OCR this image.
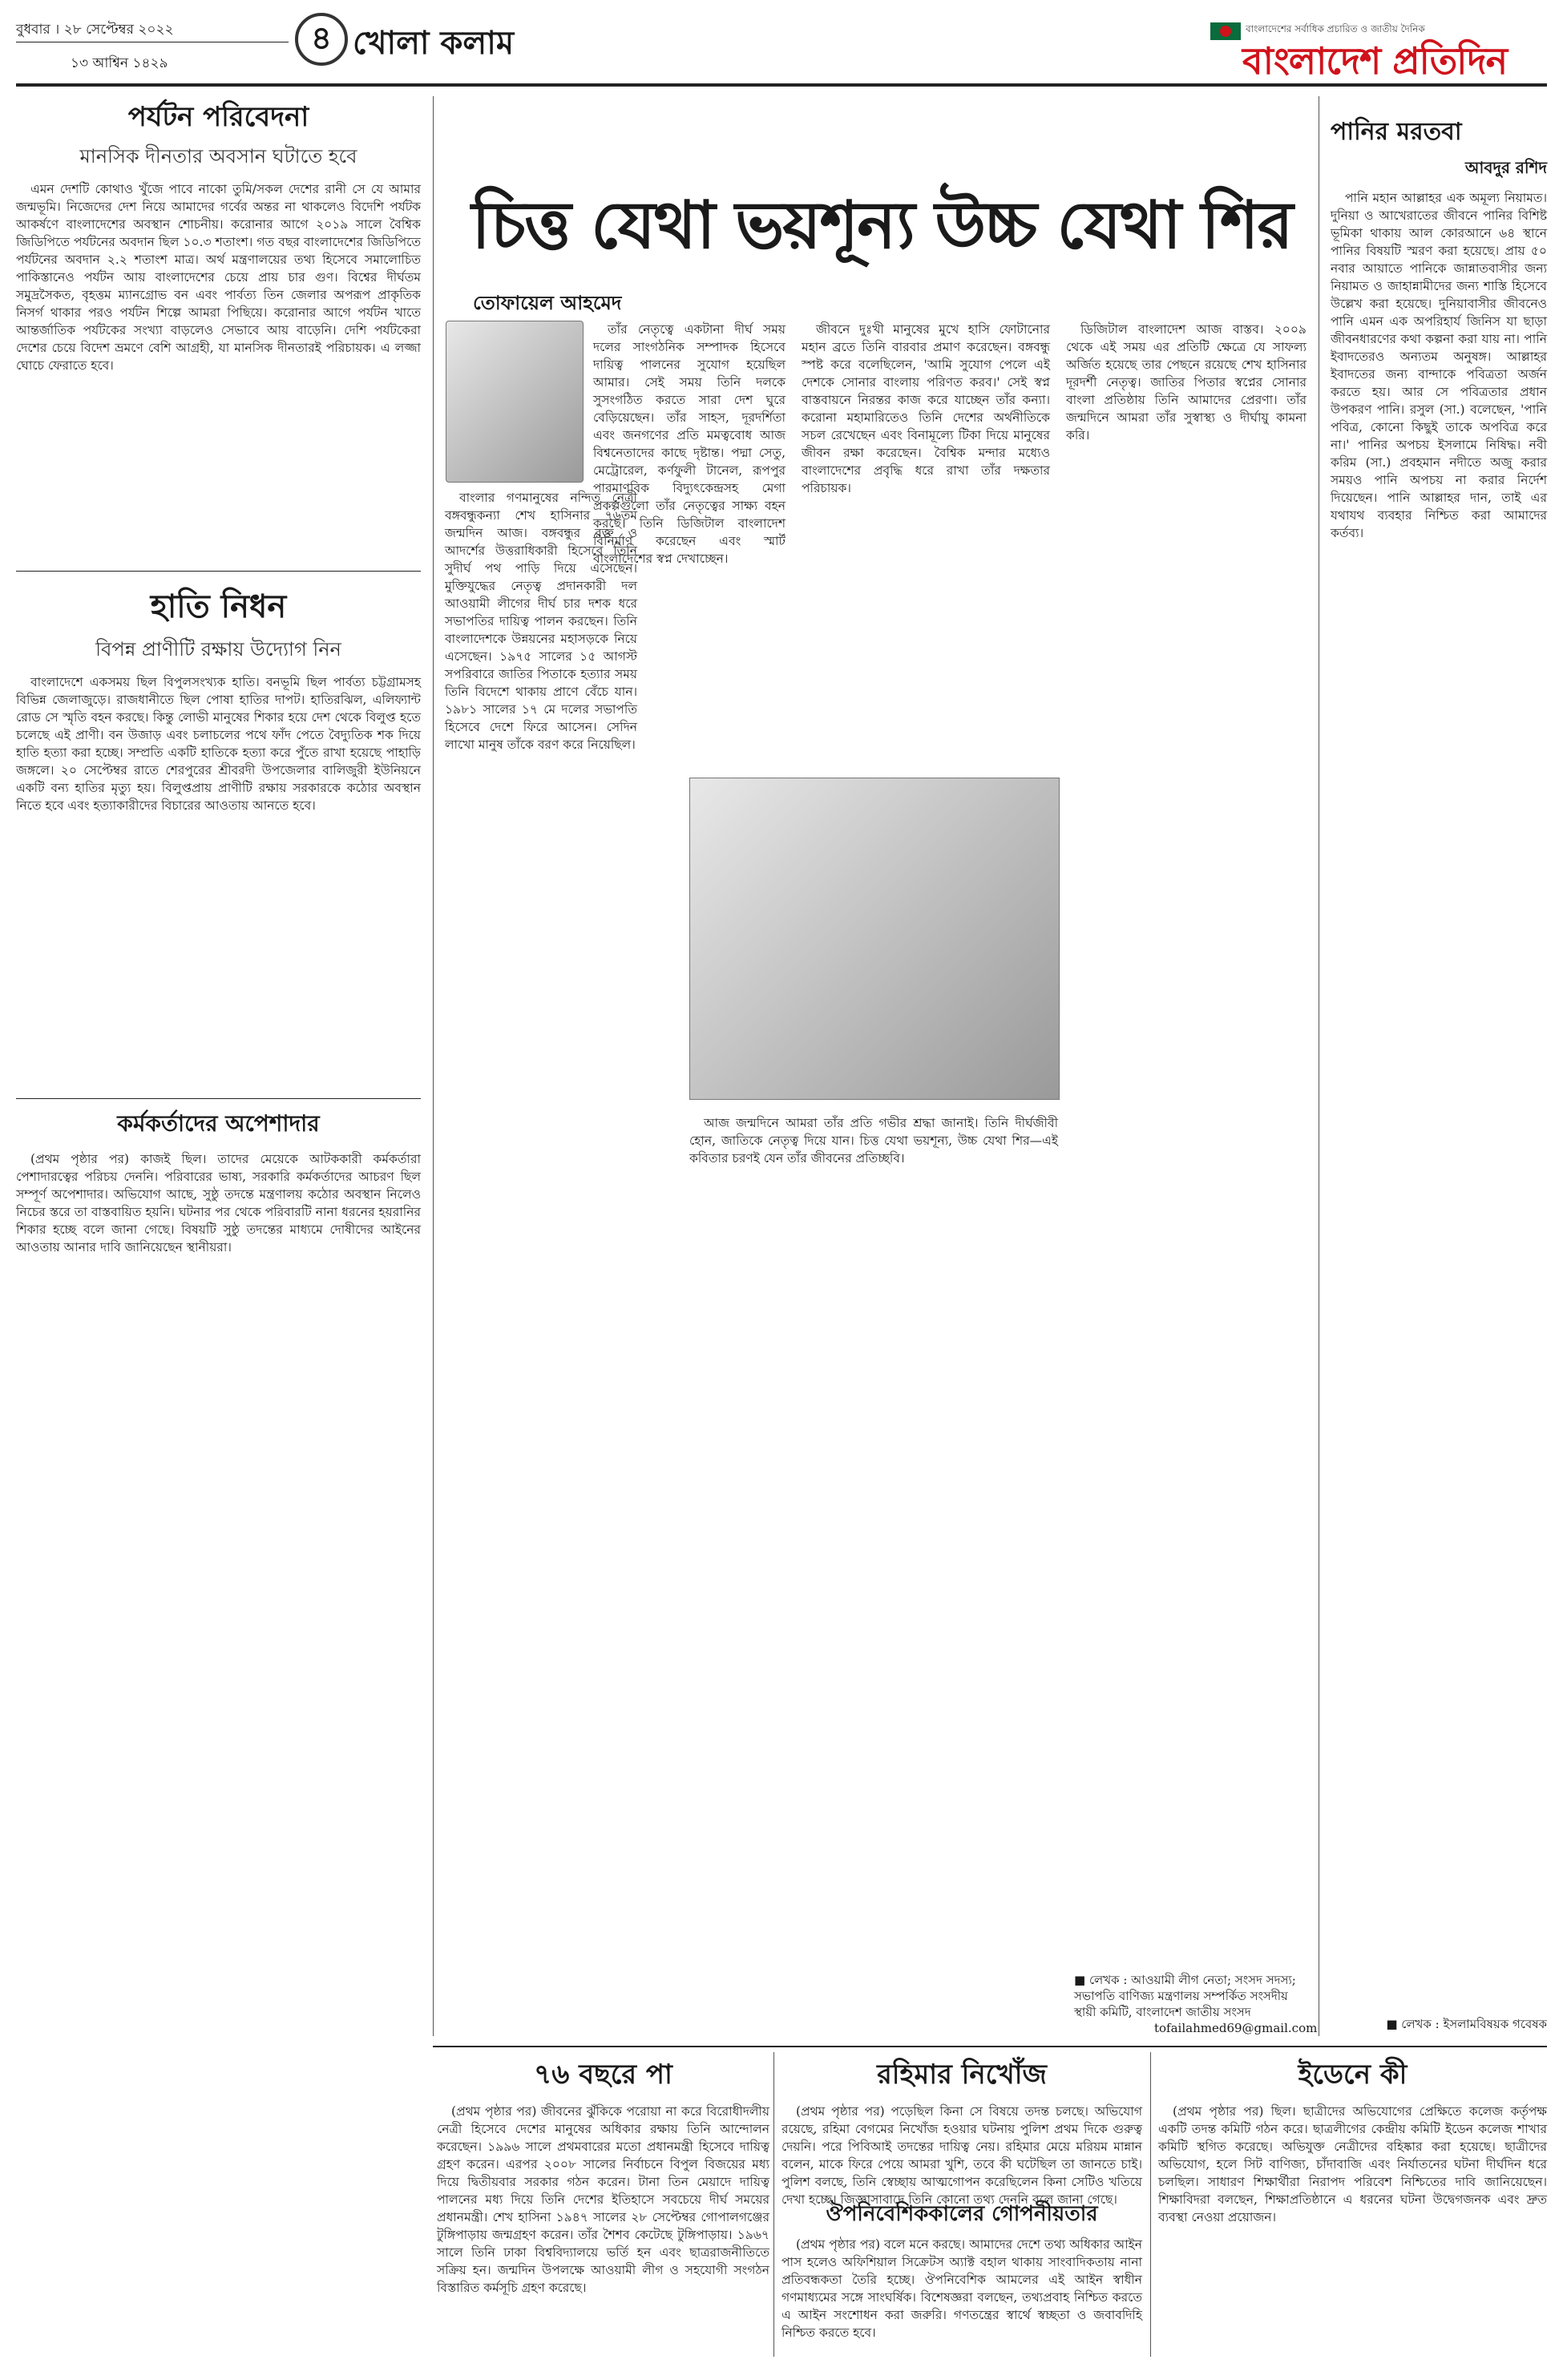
বুধবার । ২৮ সেপ্টেম্বর ২০২২
১৩ আশ্বিন ১৪২৯
৪ খোলা কলাম	বাংলাদেশের সর্বাধিক প্রচারিত ও জাতীয় দৈনিক
বাংলাদেশ প্রতিদিন
পর্যটন পরিবেদনা
মানসিক দীনতার অবসান ঘটাতে হবে

এমন দেশটি কোথাও খুঁজে পাবে নাকো তুমি/সকল দেশের রানী সে যে আমার জন্মভূমি। নিজেদের দেশ নিয়ে আমাদের গর্বের অন্তর না থাকলেও বিদেশি পর্যটক আকর্ষণে বাংলাদেশের অবস্থান শোচনীয়। করোনার আগে ২০১৯ সালে বৈশ্বিক জিডিপিতে পর্যটনের অবদান ছিল ১০.৩ শতাংশ। গত বছর বাংলাদেশের জিডিপিতে পর্যটনের অবদান ২.২ শতাংশ মাত্র। অর্থ মন্ত্রণালয়ের তথ্য হিসেবে সমালোচিত পাকিস্তানেও পর্যটন আয় বাংলাদেশের চেয়ে প্রায় চার গুণ। বিশ্বের দীর্ঘতম সমুদ্রসৈকত, বৃহত্তম ম্যানগ্রোভ বন এবং পার্বত্য তিন জেলার অপরূপ প্রাকৃতিক নিসর্গ থাকার পরও পর্যটন শিল্পে আমরা পিছিয়ে। করোনার আগে পর্যটন খাতে আন্তর্জাতিক পর্যটকের সংখ্যা বাড়লেও সেভাবে আয় বাড়েনি। দেশি পর্যটকেরা দেশের চেয়ে বিদেশ ভ্রমণে বেশি আগ্রহী, যা মানসিক দীনতারই পরিচায়ক। এ লজ্জা ঘোচে ফেরাতে হবে।

হাতি নিধন
বিপন্ন প্রাণীটি রক্ষায় উদ্যোগ নিন

বাংলাদেশে একসময় ছিল বিপুলসংখ্যক হাতি। বনভূমি ছিল পার্বত্য চট্টগ্রামসহ বিভিন্ন জেলাজুড়ে। রাজধানীতে ছিল পোষা হাতির দাপট। হাতিরঝিল, এলিফ্যান্ট রোড সে স্মৃতি বহন করছে। কিন্তু লোভী মানুষের শিকার হয়ে দেশ থেকে বিলুপ্ত হতে চলেছে এই প্রাণী। বন উজাড় এবং চলাচলের পথে ফাঁদ পেতে বৈদ্যুতিক শক দিয়ে হাতি হত্যা করা হচ্ছে। সম্প্রতি একটি হাতিকে হত্যা করে পুঁতে রাখা হয়েছে পাহাড়ি জঙ্গলে। ২০ সেপ্টেম্বর রাতে শেরপুরের শ্রীবরদী উপজেলার বালিজুরী ইউনিয়নে একটি বন্য হাতির মৃত্যু হয়। বিলুপ্তপ্রায় প্রাণীটি রক্ষায় সরকারকে কঠোর অবস্থান নিতে হবে এবং হত্যাকারীদের বিচারের আওতায় আনতে হবে।

কর্মকর্তাদের অপেশাদার

(প্রথম পৃষ্ঠার পর) কাজই ছিল। তাদের মেয়েকে আটককারী কর্মকর্তারা পেশাদারত্বের পরিচয় দেননি। পরিবারের ভাষ্য, সরকারি কর্মকর্তাদের আচরণ ছিল সম্পূর্ণ অপেশাদার। অভিযোগ আছে, সুষ্ঠু তদন্তে মন্ত্রণালয় কঠোর অবস্থান নিলেও নিচের স্তরে তা বাস্তবায়িত হয়নি। ঘটনার পর থেকে পরিবারটি নানা ধরনের হয়রানির শিকার হচ্ছে বলে জানা গেছে। বিষয়টি সুষ্ঠু তদন্তের মাধ্যমে দোষীদের আইনের আওতায় আনার দাবি জানিয়েছেন স্থানীয়রা।

চিত্ত যেথা ভয়শূন্য উচ্চ যেথা শির
তোফায়েল আহমেদ

বাংলার গণমানুষের নন্দিত নেত্রী বঙ্গবন্ধুকন্যা শেখ হাসিনার ৭৬তম জন্মদিন আজ। বঙ্গবন্ধুর রক্ত ও আদর্শের উত্তরাধিকারী হিসেবে তিনি সুদীর্ঘ পথ পাড়ি দিয়ে এসেছেন। মুক্তিযুদ্ধের নেতৃত্ব প্রদানকারী দল আওয়ামী লীগের দীর্ঘ চার দশক ধরে সভাপতির দায়িত্ব পালন করছেন। তিনি বাংলাদেশকে উন্নয়নের মহাসড়কে নিয়ে এসেছেন। ১৯৭৫ সালের ১৫ আগস্ট সপরিবারে জাতির পিতাকে হত্যার সময় তিনি বিদেশে থাকায় প্রাণে বেঁচে যান। ১৯৮১ সালের ১৭ মে দলের সভাপতি হিসেবে দেশে ফিরে আসেন। সেদিন লাখো মানুষ তাঁকে বরণ করে নিয়েছিল।

তাঁর নেতৃত্বে একটানা দীর্ঘ সময় দলের সাংগঠনিক সম্পাদক হিসেবে দায়িত্ব পালনের সুযোগ হয়েছিল আমার। সেই সময় তিনি দলকে সুসংগঠিত করতে সারা দেশ ঘুরে বেড়িয়েছেন। তাঁর সাহস, দূরদর্শিতা এবং জনগণের প্রতি মমত্ববোধ আজ বিশ্বনেতাদের কাছে দৃষ্টান্ত। পদ্মা সেতু, মেট্রোরেল, কর্ণফুলী টানেল, রূপপুর পারমাণবিক বিদ্যুৎকেন্দ্রসহ মেগা প্রকল্পগুলো তাঁর নেতৃত্বের সাক্ষ্য বহন করছে। তিনি ডিজিটাল বাংলাদেশ বিনির্মাণ করেছেন এবং স্মার্ট বাংলাদেশের স্বপ্ন দেখাচ্ছেন।

জীবনে দুঃখী মানুষের মুখে হাসি ফোটানোর মহান ব্রতে তিনি বারবার প্রমাণ করেছেন। বঙ্গবন্ধু স্পষ্ট করে বলেছিলেন, 'আমি সুযোগ পেলে এই দেশকে সোনার বাংলায় পরিণত করব।' সেই স্বপ্ন বাস্তবায়নে নিরন্তর কাজ করে যাচ্ছেন তাঁর কন্যা। করোনা মহামারিতেও তিনি দেশের অর্থনীতিকে সচল রেখেছেন এবং বিনামূল্যে টিকা দিয়ে মানুষের জীবন রক্ষা করেছেন। বৈশ্বিক মন্দার মধ্যেও বাংলাদেশের প্রবৃদ্ধি ধরে রাখা তাঁর দক্ষতার পরিচায়ক।

ডিজিটাল বাংলাদেশ আজ বাস্তব। ২০০৯ থেকে এই সময় এর প্রতিটি ক্ষেত্রে যে সাফল্য অর্জিত হয়েছে তার পেছনে রয়েছে শেখ হাসিনার দূরদর্শী নেতৃত্ব। জাতির পিতার স্বপ্নের সোনার বাংলা প্রতিষ্ঠায় তিনি আমাদের প্রেরণা। তাঁর জন্মদিনে আমরা তাঁর সুস্বাস্থ্য ও দীর্ঘায়ু কামনা করি।

আজ জন্মদিনে আমরা তাঁর প্রতি গভীর শ্রদ্ধা জানাই। তিনি দীর্ঘজীবী হোন, জাতিকে নেতৃত্ব দিয়ে যান। চিত্ত যেথা ভয়শূন্য, উচ্চ যেথা শির—এই কবিতার চরণই যেন তাঁর জীবনের প্রতিচ্ছবি।

■ লেখক : আওয়ামী লীগ নেতা; সংসদ সদস্য; সভাপতি বাণিজ্য মন্ত্রণালয় সম্পর্কিত সংসদীয় স্থায়ী কমিটি, বাংলাদেশ জাতীয় সংসদ
tofailahmed69@gmail.com
পানির মরতবা
আবদুর রশিদ

পানি মহান আল্লাহর এক অমূল্য নিয়ামত। দুনিয়া ও আখেরাতের জীবনে পানির বিশিষ্ট ভূমিকা থাকায় আল কোরআনে ৬৪ স্থানে পানির বিষয়টি স্মরণ করা হয়েছে। প্রায় ৫০ নবার আয়াতে পানিকে জান্নাতবাসীর জন্য নিয়ামত ও জাহান্নামীদের জন্য শাস্তি হিসেবে উল্লেখ করা হয়েছে। দুনিয়াবাসীর জীবনেও পানি এমন এক অপরিহার্য জিনিস যা ছাড়া জীবনধারণের কথা কল্পনা করা যায় না। পানি ইবাদতেরও অন্যতম অনুষঙ্গ। আল্লাহর ইবাদতের জন্য বান্দাকে পবিত্রতা অর্জন করতে হয়। আর সে পবিত্রতার প্রধান উপকরণ পানি। রসুল (সা.) বলেছেন, 'পানি পবিত্র, কোনো কিছুই তাকে অপবিত্র করে না।' পানির অপচয় ইসলামে নিষিদ্ধ। নবী করিম (সা.) প্রবহমান নদীতে অজু করার সময়ও পানি অপচয় না করার নির্দেশ দিয়েছেন। পানি আল্লাহর দান, তাই এর যথাযথ ব্যবহার নিশ্চিত করা আমাদের কর্তব্য।

■ লেখক : ইসলামবিষয়ক গবেষক
৭৬ বছরে পা

(প্রথম পৃষ্ঠার পর) জীবনের ঝুঁকিকে পরোয়া না করে বিরোধীদলীয় নেত্রী হিসেবে দেশের মানুষের অধিকার রক্ষায় তিনি আন্দোলন করেছেন। ১৯৯৬ সালে প্রথমবারের মতো প্রধানমন্ত্রী হিসেবে দায়িত্ব গ্রহণ করেন। এরপর ২০০৮ সালের নির্বাচনে বিপুল বিজয়ের মধ্য দিয়ে দ্বিতীয়বার সরকার গঠন করেন। টানা তিন মেয়াদে দায়িত্ব পালনের মধ্য দিয়ে তিনি দেশের ইতিহাসে সবচেয়ে দীর্ঘ সময়ের প্রধানমন্ত্রী। শেখ হাসিনা ১৯৪৭ সালের ২৮ সেপ্টেম্বর গোপালগঞ্জের টুঙ্গিপাড়ায় জন্মগ্রহণ করেন। তাঁর শৈশব কেটেছে টুঙ্গিপাড়ায়। ১৯৬৭ সালে তিনি ঢাকা বিশ্ববিদ্যালয়ে ভর্তি হন এবং ছাত্ররাজনীতিতে সক্রিয় হন। জন্মদিন উপলক্ষে আওয়ামী লীগ ও সহযোগী সংগঠন বিস্তারিত কর্মসূচি গ্রহণ করেছে।

রহিমার নিখোঁজ

(প্রথম পৃষ্ঠার পর) পড়েছিল কিনা সে বিষয়ে তদন্ত চলছে। অভিযোগ রয়েছে, রহিমা বেগমের নিখোঁজ হওয়ার ঘটনায় পুলিশ প্রথম দিকে গুরুত্ব দেয়নি। পরে পিবিআই তদন্তের দায়িত্ব নেয়। রহিমার মেয়ে মরিয়ম মান্নান বলেন, মাকে ফিরে পেয়ে আমরা খুশি, তবে কী ঘটেছিল তা জানতে চাই। পুলিশ বলছে, তিনি স্বেচ্ছায় আত্মগোপন করেছিলেন কিনা সেটিও খতিয়ে দেখা হচ্ছে। জিজ্ঞাসাবাদে তিনি কোনো তথ্য দেননি বলে জানা গেছে।

ঔপনিবেশিককালের গোপনীয়তার

(প্রথম পৃষ্ঠার পর) বলে মনে করছে। আমাদের দেশে তথ্য অধিকার আইন পাস হলেও অফিশিয়াল সিক্রেটস অ্যাক্ট বহাল থাকায় সাংবাদিকতায় নানা প্রতিবন্ধকতা তৈরি হচ্ছে। ঔপনিবেশিক আমলের এই আইন স্বাধীন গণমাধ্যমের সঙ্গে সাংঘর্ষিক। বিশেষজ্ঞরা বলছেন, তথ্যপ্রবাহ নিশ্চিত করতে এ আইন সংশোধন করা জরুরি। গণতন্ত্রের স্বার্থে স্বচ্ছতা ও জবাবদিহি নিশ্চিত করতে হবে।

ইডেনে কী

(প্রথম পৃষ্ঠার পর) ছিল। ছাত্রীদের অভিযোগের প্রেক্ষিতে কলেজ কর্তৃপক্ষ একটি তদন্ত কমিটি গঠন করে। ছাত্রলীগের কেন্দ্রীয় কমিটি ইডেন কলেজ শাখার কমিটি স্থগিত করেছে। অভিযুক্ত নেত্রীদের বহিষ্কার করা হয়েছে। ছাত্রীদের অভিযোগ, হলে সিট বাণিজ্য, চাঁদাবাজি এবং নির্যাতনের ঘটনা দীর্ঘদিন ধরে চলছিল। সাধারণ শিক্ষার্থীরা নিরাপদ পরিবেশ নিশ্চিতের দাবি জানিয়েছেন। শিক্ষাবিদরা বলছেন, শিক্ষাপ্রতিষ্ঠানে এ ধরনের ঘটনা উদ্বেগজনক এবং দ্রুত ব্যবস্থা নেওয়া প্রয়োজন।
